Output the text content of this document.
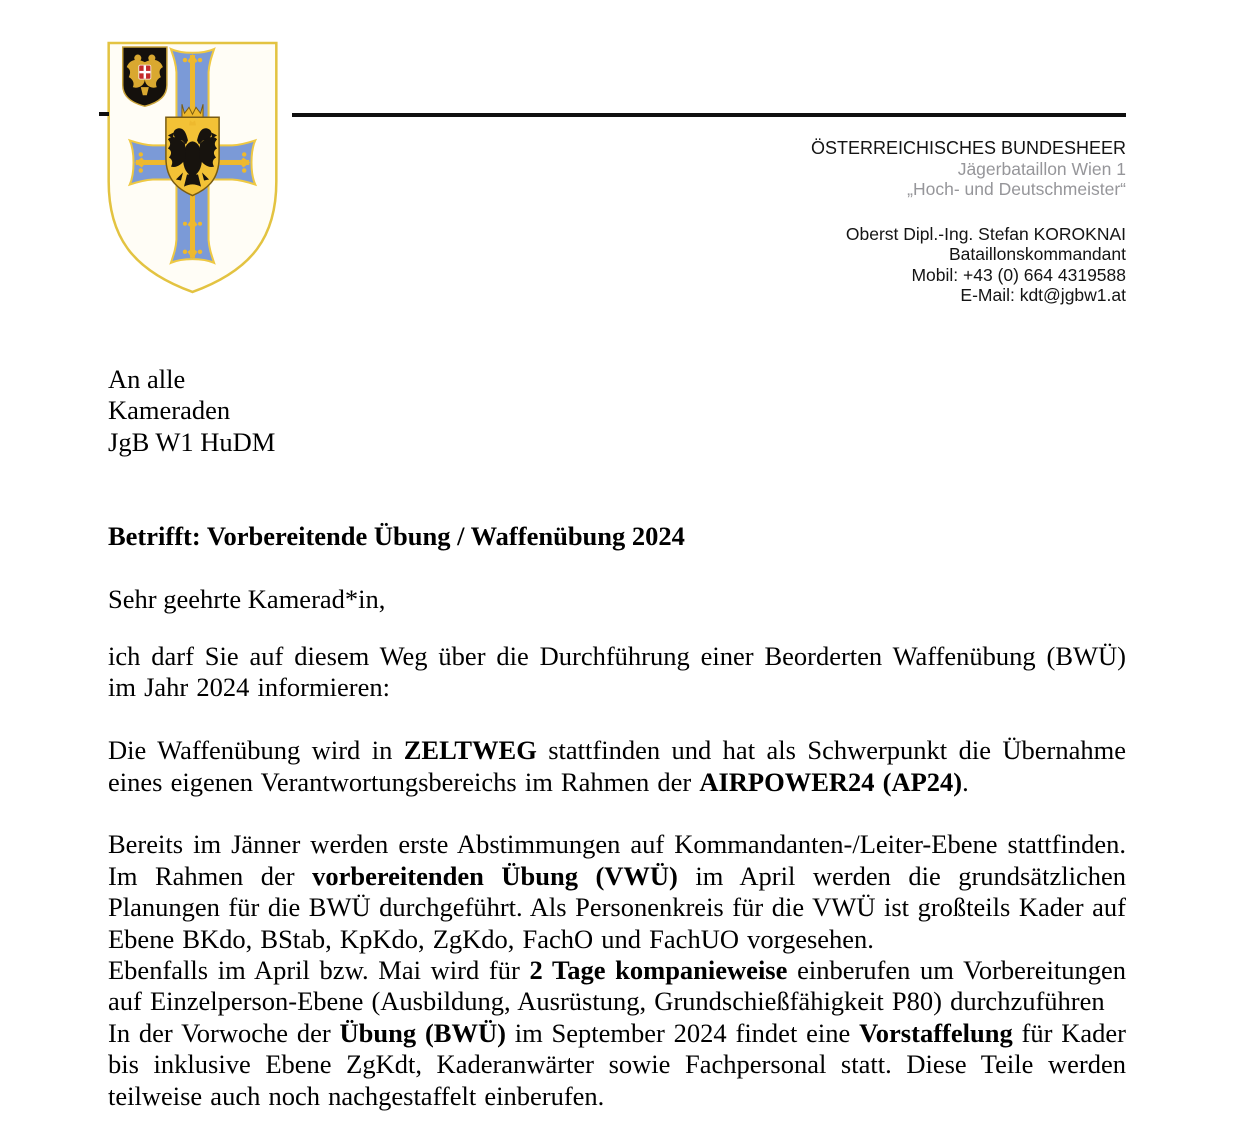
ÖSTERREICHISCHES BUNDESHEER
Jägerbataillon Wien 1
„Hoch- und Deutschmeister“
Oberst Dipl.-Ing. Stefan KOROKNAI
Bataillonskommandant
Mobil: +43 (0) 664 4319588
E-Mail: kdt@jgbw1.at
An alle
Kameraden
JgB W1 HuDM
Betrifft: Vorbereitende Übung / Waffenübung 2024
Sehr geehrte Kamerad*in,

ich darf Sie auf diesem Weg über die Durchführung einer Beorderten Waffenübung (BWÜ) im Jahr 2024 informieren:

Die Waffenübung wird in ZELTWEG stattfinden und hat als Schwerpunkt die Übernahme eines eigenen Verantwortungsbereichs im Rahmen der AIRPOWER24 (AP24).

Bereits im Jänner werden erste Abstimmungen auf Kommandanten-/Leiter-Ebene stattfinden. Im Rahmen der vorbereitenden Übung (VWÜ) im April werden die grundsätzlichen Planungen für die BWÜ durchgeführt. Als Personenkreis für die VWÜ ist großteils Kader auf Ebene BKdo, BStab, KpKdo, ZgKdo, FachO und FachUO vorgesehen.

Ebenfalls im April bzw. Mai wird für 2 Tage kompanieweise einberufen um Vorbereitungen auf Einzelperson-Ebene (Ausbildung, Ausrüstung, Grundschießfähigkeit P80) durchzuführen

In der Vorwoche der Übung (BWÜ) im September 2024 findet eine Vorstaffelung für Kader bis inklusive Ebene ZgKdt, Kaderanwärter sowie Fachpersonal statt. Diese Teile werden teilweise auch noch nachgestaffelt einberufen.
